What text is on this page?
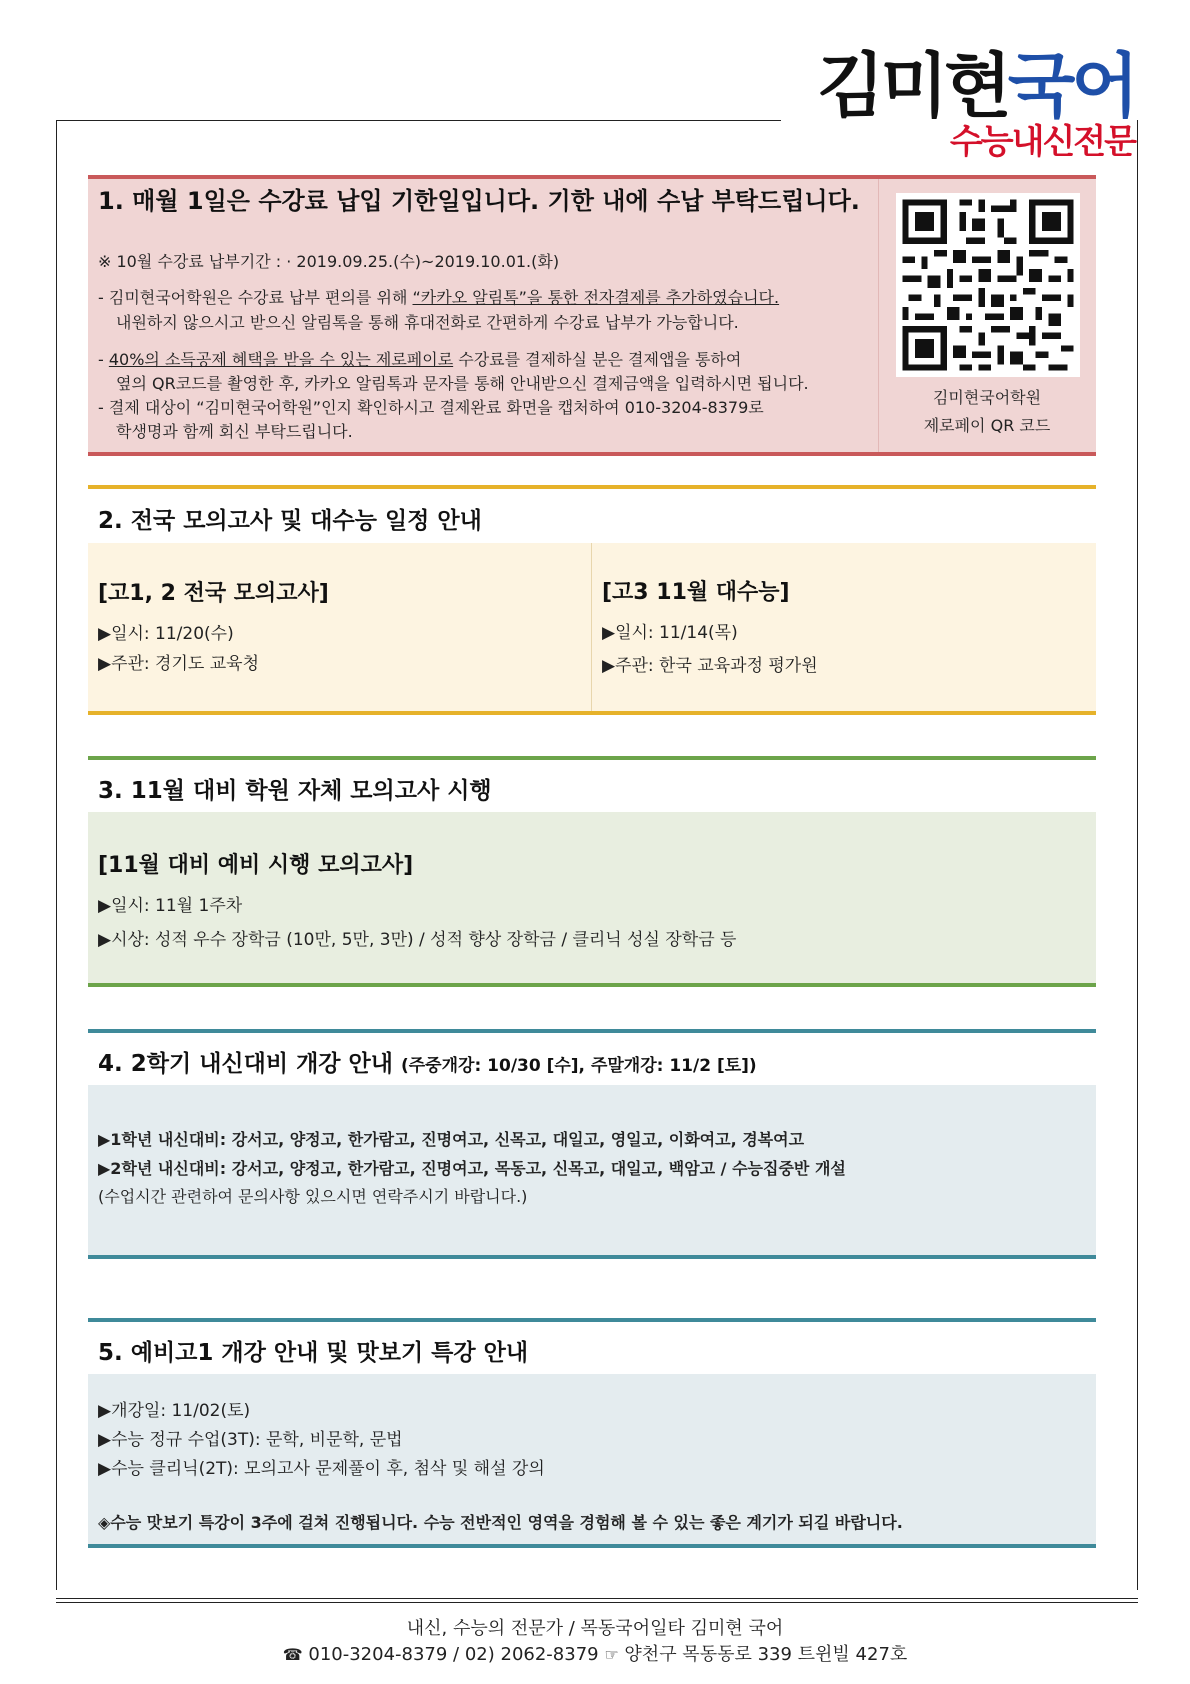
김미현국어
수능내신전문
1. 매월 1일은 수강료 납입 기한일입니다. 기한 내에 수납 부탁드립니다.
※ 10월 수강료 납부기간 : · 2019.09.25.(수)~2019.10.01.(화)
- 김미현국어학원은 수강료 납부 편의를 위해 “카카오 알림톡”을 통한 전자결제를 추가하였습니다.
내원하지 않으시고 받으신 알림톡을 통해 휴대전화로 간편하게 수강료 납부가 가능합니다.
- 40%의 소득공제 혜택을 받을 수 있는 제로페이로 수강료를 결제하실 분은 결제앱을 통하여
옆의 QR코드를 촬영한 후, 카카오 알림톡과 문자를 통해 안내받으신 결제금액을 입력하시면 됩니다.
- 결제 대상이 “김미현국어학원”인지 확인하시고 결제완료 화면을 캡처하여 010-3204-8379로
학생명과 함께 회신 부탁드립니다.
김미현국어학원
제로페이 QR 코드
2. 전국 모의고사 및 대수능 일정 안내
[고1, 2 전국 모의고사]
▶일시: 11/20(수)
▶주관: 경기도 교육청
[고3 11월 대수능]
▶일시: 11/14(목)
▶주관: 한국 교육과정 평가원
3. 11월 대비 학원 자체 모의고사 시행
[11월 대비 예비 시행 모의고사]
▶일시: 11월 1주차
▶시상: 성적 우수 장학금 (10만, 5만, 3만) / 성적 향상 장학금 / 클리닉 성실 장학금 등
4. 2학기 내신대비 개강 안내 (주중개강: 10/30 [수], 주말개강: 11/2 [토])
▶1학년 내신대비: 강서고, 양정고, 한가람고, 진명여고, 신목고, 대일고, 영일고, 이화여고, 경복여고
▶2학년 내신대비: 강서고, 양정고, 한가람고, 진명여고, 목동고, 신목고, 대일고, 백암고 / 수능집중반 개설
(수업시간 관련하여 문의사항 있으시면 연락주시기 바랍니다.)
5. 예비고1 개강 안내 및 맛보기 특강 안내
▶개강일: 11/02(토)
▶수능 정규 수업(3T): 문학, 비문학, 문법
▶수능 클리닉(2T): 모의고사 문제풀이 후, 첨삭 및 해설 강의
◈수능 맛보기 특강이 3주에 걸쳐 진행됩니다. 수능 전반적인 영역을 경험해 볼 수 있는 좋은 계기가 되길 바랍니다.
내신, 수능의 전문가 / 목동국어일타 김미현 국어
☎ 010-3204-8379 / 02) 2062-8379 ☞ 양천구 목동동로 339 트윈빌 427호
